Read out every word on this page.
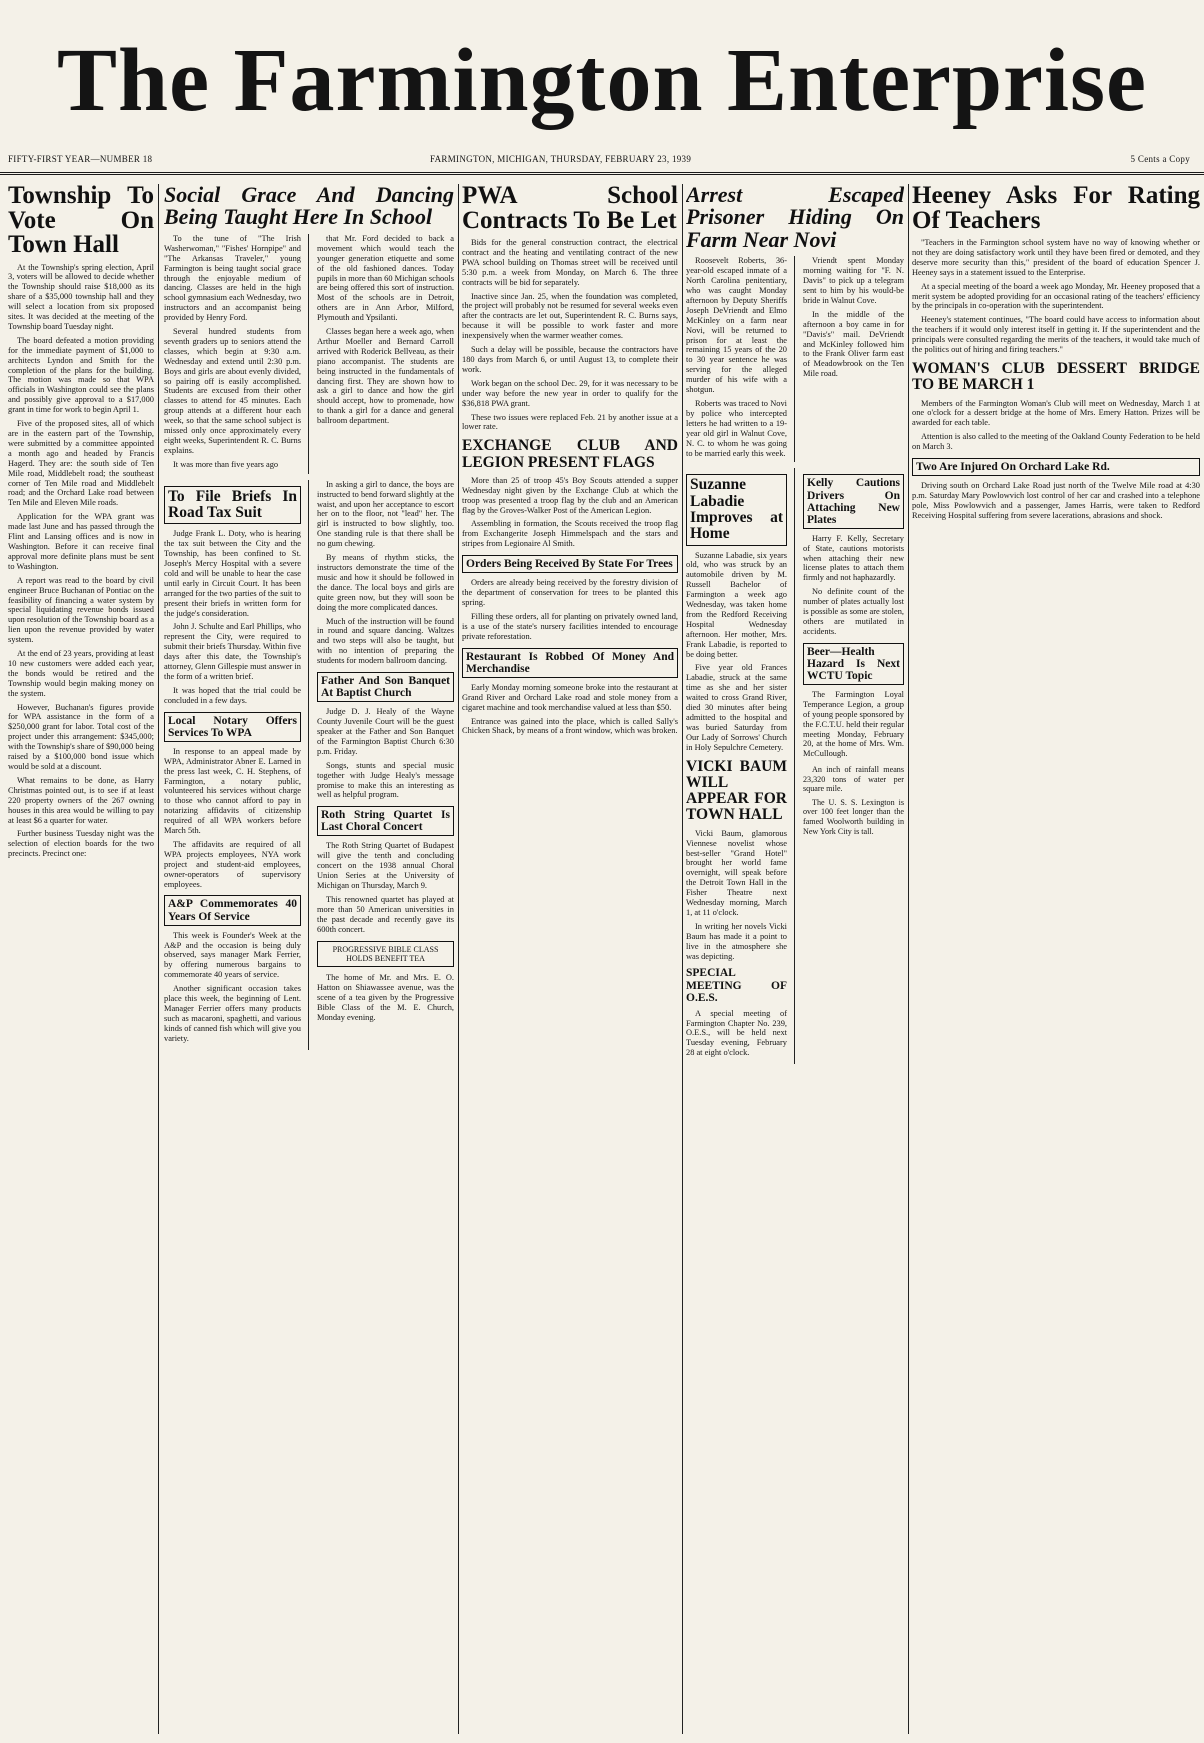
The Farmington Enterprise
FIFTY-FIRST YEAR—NUMBER 18	FARMINGTON, MICHIGAN, THURSDAY, FEBRUARY 23, 1939	5 Cents a Copy
Township To Vote On Town Hall

At the Township's spring election, April 3, voters will be allowed to decide whether the Township should raise $18,000 as its share of a $35,000 township hall and they will select a location from six proposed sites. It was decided at the meeting of the Township board Tuesday night.

The board defeated a motion providing for the immediate payment of $1,000 to architects Lyndon and Smith for the completion of the plans for the building. The motion was made so that WPA officials in Washington could see the plans and possibly give approval to a $17,000 grant in time for work to begin April 1.

Five of the proposed sites, all of which are in the eastern part of the Township, were submitted by a committee appointed a month ago and headed by Francis Hagerd. They are: the south side of Ten Mile road, Middlebelt road; the southeast corner of Ten Mile road and Middlebelt road; and the Orchard Lake road between Ten Mile and Eleven Mile roads.

Application for the WPA grant was made last June and has passed through the Flint and Lansing offices and is now in Washington. Before it can receive final approval more definite plans must be sent to Washington.

A report was read to the board by civil engineer Bruce Buchanan of Pontiac on the feasibility of financing a water system by special liquidating revenue bonds issued upon resolution of the Township board as a lien upon the revenue provided by water system.

At the end of 23 years, providing at least 10 new customers were added each year, the bonds would be retired and the Township would begin making money on the system.

However, Buchanan's figures provide for WPA assistance in the form of a $250,000 grant for labor. Total cost of the project under this arrangement: $345,000; with the Township's share of $90,000 being raised by a $100,000 bond issue which would be sold at a discount.

What remains to be done, as Harry Christmas pointed out, is to see if at least 220 property owners of the 267 owning houses in this area would be willing to pay at least $6 a quarter for water.

Further business Tuesday night was the selection of election boards for the two precincts. Precinct one:

Social Grace And Dancing Being Taught Here In School

To the tune of "The Irish Washerwoman," "Fishes' Hornpipe" and "The Arkansas Traveler," young Farmington is being taught social grace through the enjoyable medium of dancing. Classes are held in the high school gymnasium each Wednesday, two instructors and an accompanist being provided by Henry Ford.

Several hundred students from seventh graders up to seniors attend the classes, which begin at 9:30 a.m. Wednesday and extend until 2:30 p.m. Boys and girls are about evenly divided, so pairing off is easily accomplished. Students are excused from their other classes to attend for 45 minutes. Each group attends at a different hour each week, so that the same school subject is missed only once approximately every eight weeks, Superintendent R. C. Burns explains.

It was more than five years ago

that Mr. Ford decided to back a movement which would teach the younger generation etiquette and some of the old fashioned dances. Today pupils in more than 60 Michigan schools are being offered this sort of instruction. Most of the schools are in Detroit, others are in Ann Arbor, Milford, Plymouth and Ypsilanti.

Classes began here a week ago, when Arthur Moeller and Bernard Carroll arrived with Roderick Bellveau, as their piano accompanist. The students are being instructed in the fundamentals of dancing first. They are shown how to ask a girl to dance and how the girl should accept, how to promenade, how to thank a girl for a dance and general ballroom department.

To File Briefs In Road Tax Suit

Judge Frank L. Doty, who is hearing the tax suit between the City and the Township, has been confined to St. Joseph's Mercy Hospital with a severe cold and will be unable to hear the case until early in Circuit Court. It has been arranged for the two parties of the suit to present their briefs in written form for the judge's consideration.

John J. Schulte and Earl Phillips, who represent the City, were required to submit their briefs Thursday. Within five days after this date, the Township's attorney, Glenn Gillespie must answer in the form of a written brief.

It was hoped that the trial could be concluded in a few days.

Local Notary Offers Services To WPA

In response to an appeal made by WPA, Administrator Abner E. Larned in the press last week, C. H. Stephens, of Farmington, a notary public, volunteered his services without charge to those who cannot afford to pay in notarizing affidavits of citizenship required of all WPA workers before March 5th.

The affidavits are required of all WPA projects employees, NYA work project and student-aid employees, owner-operators of supervisory employees.

A&P Commemorates 40 Years Of Service

This week is Founder's Week at the A&P and the occasion is being duly observed, says manager Mark Ferrier, by offering numerous bargains to commemorate 40 years of service.

Another significant occasion takes place this week, the beginning of Lent. Manager Ferrier offers many products such as macaroni, spaghetti, and various kinds of canned fish which will give you variety.

In asking a girl to dance, the boys are instructed to bend forward slightly at the waist, and upon her acceptance to escort her on to the floor, not "lead" her. The girl is instructed to bow slightly, too. One standing rule is that there shall be no gum chewing.

By means of rhythm sticks, the instructors demonstrate the time of the music and how it should be followed in the dance. The local boys and girls are quite green now, but they will soon be doing the more complicated dances.

Much of the instruction will be found in round and square dancing. Waltzes and two steps will also be taught, but with no intention of preparing the students for modern ballroom dancing.

Father And Son Banquet At Baptist Church

Judge D. J. Healy of the Wayne County Juvenile Court will be the guest speaker at the Father and Son Banquet of the Farmington Baptist Church 6:30 p.m. Friday.

Songs, stunts and special music together with Judge Healy's message promise to make this an interesting as well as helpful program.

Roth String Quartet Is Last Choral Concert

The Roth String Quartet of Budapest will give the tenth and concluding concert on the 1938 annual Choral Union Series at the University of Michigan on Thursday, March 9.

This renowned quartet has played at more than 50 American universities in the past decade and recently gave its 600th concert.

PROGRESSIVE BIBLE CLASS HOLDS BENEFIT TEA

The home of Mr. and Mrs. E. O. Hatton on Shiawassee avenue, was the scene of a tea given by the Progressive Bible Class of the M. E. Church, Monday evening.

PWA School Contracts To Be Let

Bids for the general construction contract, the electrical contract and the heating and ventilating contract of the new PWA school building on Thomas street will be received until 5:30 p.m. a week from Monday, on March 6. The three contracts will be bid for separately.

Inactive since Jan. 25, when the foundation was completed, the project will probably not be resumed for several weeks even after the contracts are let out, Superintendent R. C. Burns says, because it will be possible to work faster and more inexpensively when the warmer weather comes.

Such a delay will be possible, because the contractors have 180 days from March 6, or until August 13, to complete their work.

Work began on the school Dec. 29, for it was necessary to be under way before the new year in order to qualify for the $36,818 PWA grant.

These two issues were replaced Feb. 21 by another issue at a lower rate.

EXCHANGE CLUB AND LEGION PRESENT FLAGS

More than 25 of troop 45's Boy Scouts attended a supper Wednesday night given by the Exchange Club at which the troop was presented a troop flag by the club and an American flag by the Groves-Walker Post of the American Legion.

Assembling in formation, the Scouts received the troop flag from Exchangerite Joseph Himmelspach and the stars and stripes from Legionaire Al Smith.

Orders Being Received By State For Trees

Orders are already being received by the forestry division of the department of conservation for trees to be planted this spring.

Filling these orders, all for planting on privately owned land, is a use of the state's nursery facilities intended to encourage private reforestation.

Restaurant Is Robbed Of Money And Merchandise

Early Monday morning someone broke into the restaurant at Grand River and Orchard Lake road and stole money from a cigaret machine and took merchandise valued at less than $50.

Entrance was gained into the place, which is called Sally's Chicken Shack, by means of a front window, which was broken.

Arrest Escaped Prisoner Hiding On Farm Near Novi

Roosevelt Roberts, 36-year-old escaped inmate of a North Carolina penitentiary, who was caught Monday afternoon by Deputy Sheriffs Joseph DeVriendt and Elmo McKinley on a farm near Novi, will be returned to prison for at least the remaining 15 years of the 20 to 30 year sentence he was serving for the alleged murder of his wife with a shotgun.

Roberts was traced to Novi by police who intercepted letters he had written to a 19-year old girl in Walnut Cove, N. C. to whom he was going to be married early this week.

Vriendt spent Monday morning waiting for "F. N. Davis" to pick up a telegram sent to him by his would-be bride in Walnut Cove.

In the middle of the afternoon a boy came in for "Davis's" mail. DeVriendt and McKinley followed him to the Frank Oliver farm east of Meadowbrook on the Ten Mile road.

Suzanne Labadie Improves at Home

Suzanne Labadie, six years old, who was struck by an automobile driven by M. Russell Bachelor of Farmington a week ago Wednesday, was taken home from the Redford Receiving Hospital Wednesday afternoon. Her mother, Mrs. Frank Labadie, is reported to be doing better.

Five year old Frances Labadie, struck at the same time as she and her sister waited to cross Grand River, died 30 minutes after being admitted to the hospital and was buried Saturday from Our Lady of Sorrows' Church in Holy Sepulchre Cemetery.

VICKI BAUM WILL APPEAR FOR TOWN HALL

Vicki Baum, glamorous Viennese novelist whose best-seller "Grand Hotel" brought her world fame overnight, will speak before the Detroit Town Hall in the Fisher Theatre next Wednesday morning, March 1, at 11 o'clock.

In writing her novels Vicki Baum has made it a point to live in the atmosphere she was depicting.

SPECIAL MEETING OF O.E.S.

A special meeting of Farmington Chapter No. 239, O.E.S., will be held next Tuesday evening, February 28 at eight o'clock.

Kelly Cautions Drivers On Attaching New Plates

Harry F. Kelly, Secretary of State, cautions motorists when attaching their new license plates to attach them firmly and not haphazardly.

No definite count of the number of plates actually lost is possible as some are stolen, others are mutilated in accidents.

Beer—Health Hazard Is Next WCTU Topic

The Farmington Loyal Temperance Legion, a group of young people sponsored by the F.C.T.U. held their regular meeting Monday, February 20, at the home of Mrs. Wm. McCullough.

An inch of rainfall means 23,320 tons of water per square mile.

The U. S. S. Lexington is over 100 feet longer than the famed Woolworth building in New York City is tall.

Heeney Asks For Rating Of Teachers

"Teachers in the Farmington school system have no way of knowing whether or not they are doing satisfactory work until they have been fired or demoted, and they deserve more security than this," president of the board of education Spencer J. Heeney says in a statement issued to the Enterprise.

At a special meeting of the board a week ago Monday, Mr. Heeney proposed that a merit system be adopted providing for an occasional rating of the teachers' efficiency by the principals in co-operation with the superintendent.

Heeney's statement continues, "The board could have access to information about the teachers if it would only interest itself in getting it. If the superintendent and the principals were consulted regarding the merits of the teachers, it would take much of the politics out of hiring and firing teachers."

WOMAN'S CLUB DESSERT BRIDGE TO BE MARCH 1

Members of the Farmington Woman's Club will meet on Wednesday, March 1 at one o'clock for a dessert bridge at the home of Mrs. Emery Hatton. Prizes will be awarded for each table.

Attention is also called to the meeting of the Oakland County Federation to be held on March 3.

Two Are Injured On Orchard Lake Rd.

Driving south on Orchard Lake Road just north of the Twelve Mile road at 4:30 p.m. Saturday Mary Powlowvich lost control of her car and crashed into a telephone pole, Miss Powlowvich and a passenger, James Harris, were taken to Redford Receiving Hospital suffering from severe lacerations, abrasions and shock.
